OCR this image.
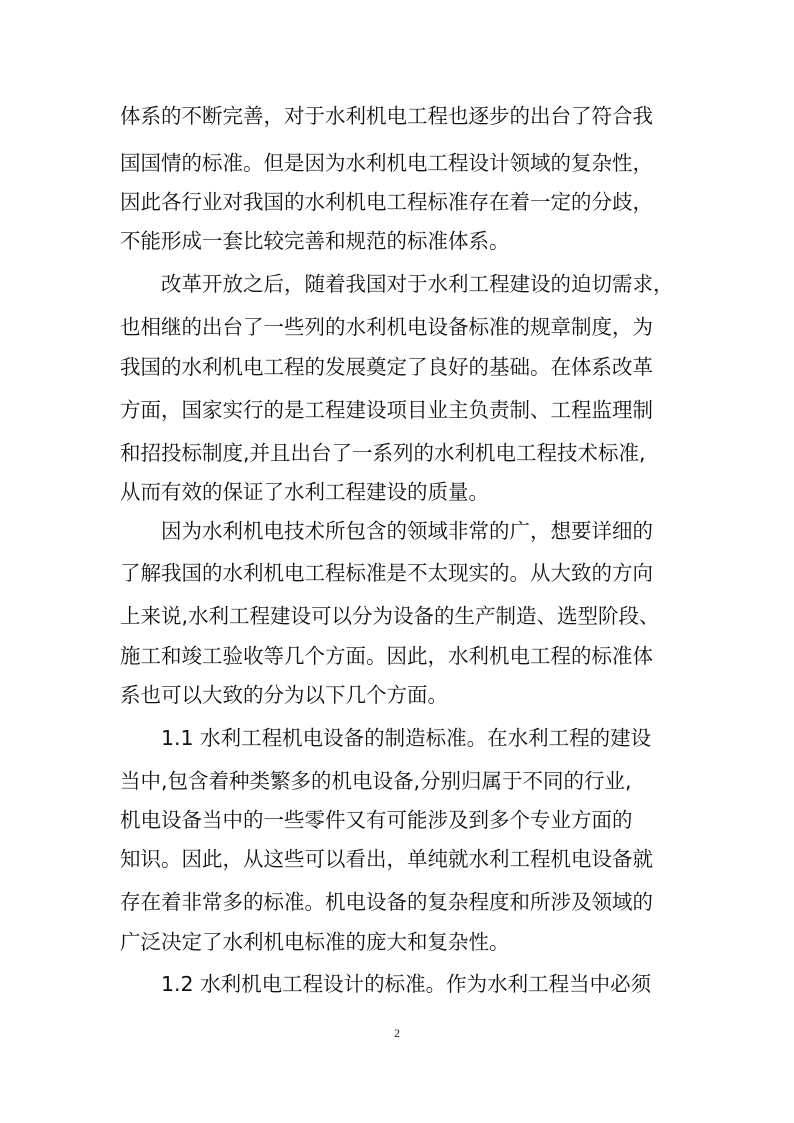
体系的不断完善，对于水利机电工程也逐步的出台了符合我
国国情的标准。但是因为水利机电工程设计领域的复杂性，
因此各行业对我国的水利机电工程标准存在着一定的分歧，
不能形成一套比较完善和规范的标准体系。
改革开放之后，随着我国对于水利工程建设的迫切需求，
也相继的出台了一些列的水利机电设备标准的规章制度，为
我国的水利机电工程的发展奠定了良好的基础。在体系改革
方面，国家实行的是工程建设项目业主负责制、工程监理制
和招投标制度,并且出台了一系列的水利机电工程技术标准,
从而有效的保证了水利工程建设的质量。
因为水利机电技术所包含的领域非常的广，想要详细的
了解我国的水利机电工程标准是不太现实的。从大致的方向
上来说,水利工程建设可以分为设备的生产制造、选型阶段、
施工和竣工验收等几个方面。因此，水利机电工程的标准体
系也可以大致的分为以下几个方面。
1.1 水利工程机电设备的制造标准。在水利工程的建设
当中,包含着种类繁多的机电设备,分别归属于不同的行业,
机电设备当中的一些零件又有可能涉及到多个专业方面的
知识。因此，从这些可以看出，单纯就水利工程机电设备就
存在着非常多的标准。机电设备的复杂程度和所涉及领域的
广泛决定了水利机电标准的庞大和复杂性。
1.2 水利机电工程设计的标准。作为水利工程当中必须
2
